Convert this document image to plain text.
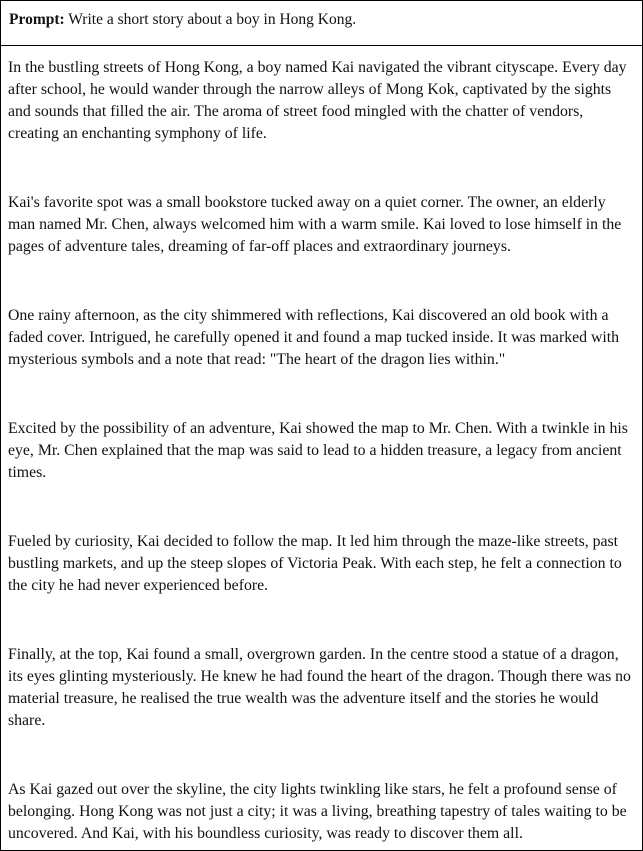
Prompt: Write a short story about a boy in Hong Kong.

In the bustling streets of Hong Kong, a boy named Kai navigated the vibrant cityscape. Every day after school, he would wander through the narrow alleys of Mong Kok, captivated by the sights and sounds that filled the air. The aroma of street food mingled with the chatter of vendors, creating an enchanting symphony of life.

Kai's favorite spot was a small bookstore tucked away on a quiet corner. The owner, an elderly man named Mr. Chen, always welcomed him with a warm smile. Kai loved to lose himself in the pages of adventure tales, dreaming of far-off places and extraordinary journeys.

One rainy afternoon, as the city shimmered with reflections, Kai discovered an old book with a faded cover. Intrigued, he carefully opened it and found a map tucked inside. It was marked with mysterious symbols and a note that read: "The heart of the dragon lies within."

Excited by the possibility of an adventure, Kai showed the map to Mr. Chen. With a twinkle in his eye, Mr. Chen explained that the map was said to lead to a hidden treasure, a legacy from ancient times.

Fueled by curiosity, Kai decided to follow the map. It led him through the maze-like streets, past bustling markets, and up the steep slopes of Victoria Peak. With each step, he felt a connection to the city he had never experienced before.

Finally, at the top, Kai found a small, overgrown garden. In the centre stood a statue of a dragon, its eyes glinting mysteriously. He knew he had found the heart of the dragon. Though there was no material treasure, he realised the true wealth was the adventure itself and the stories he would share.

As Kai gazed out over the skyline, the city lights twinkling like stars, he felt a profound sense of belonging. Hong Kong was not just a city; it was a living, breathing tapestry of tales waiting to be uncovered. And Kai, with his boundless curiosity, was ready to discover them all.
